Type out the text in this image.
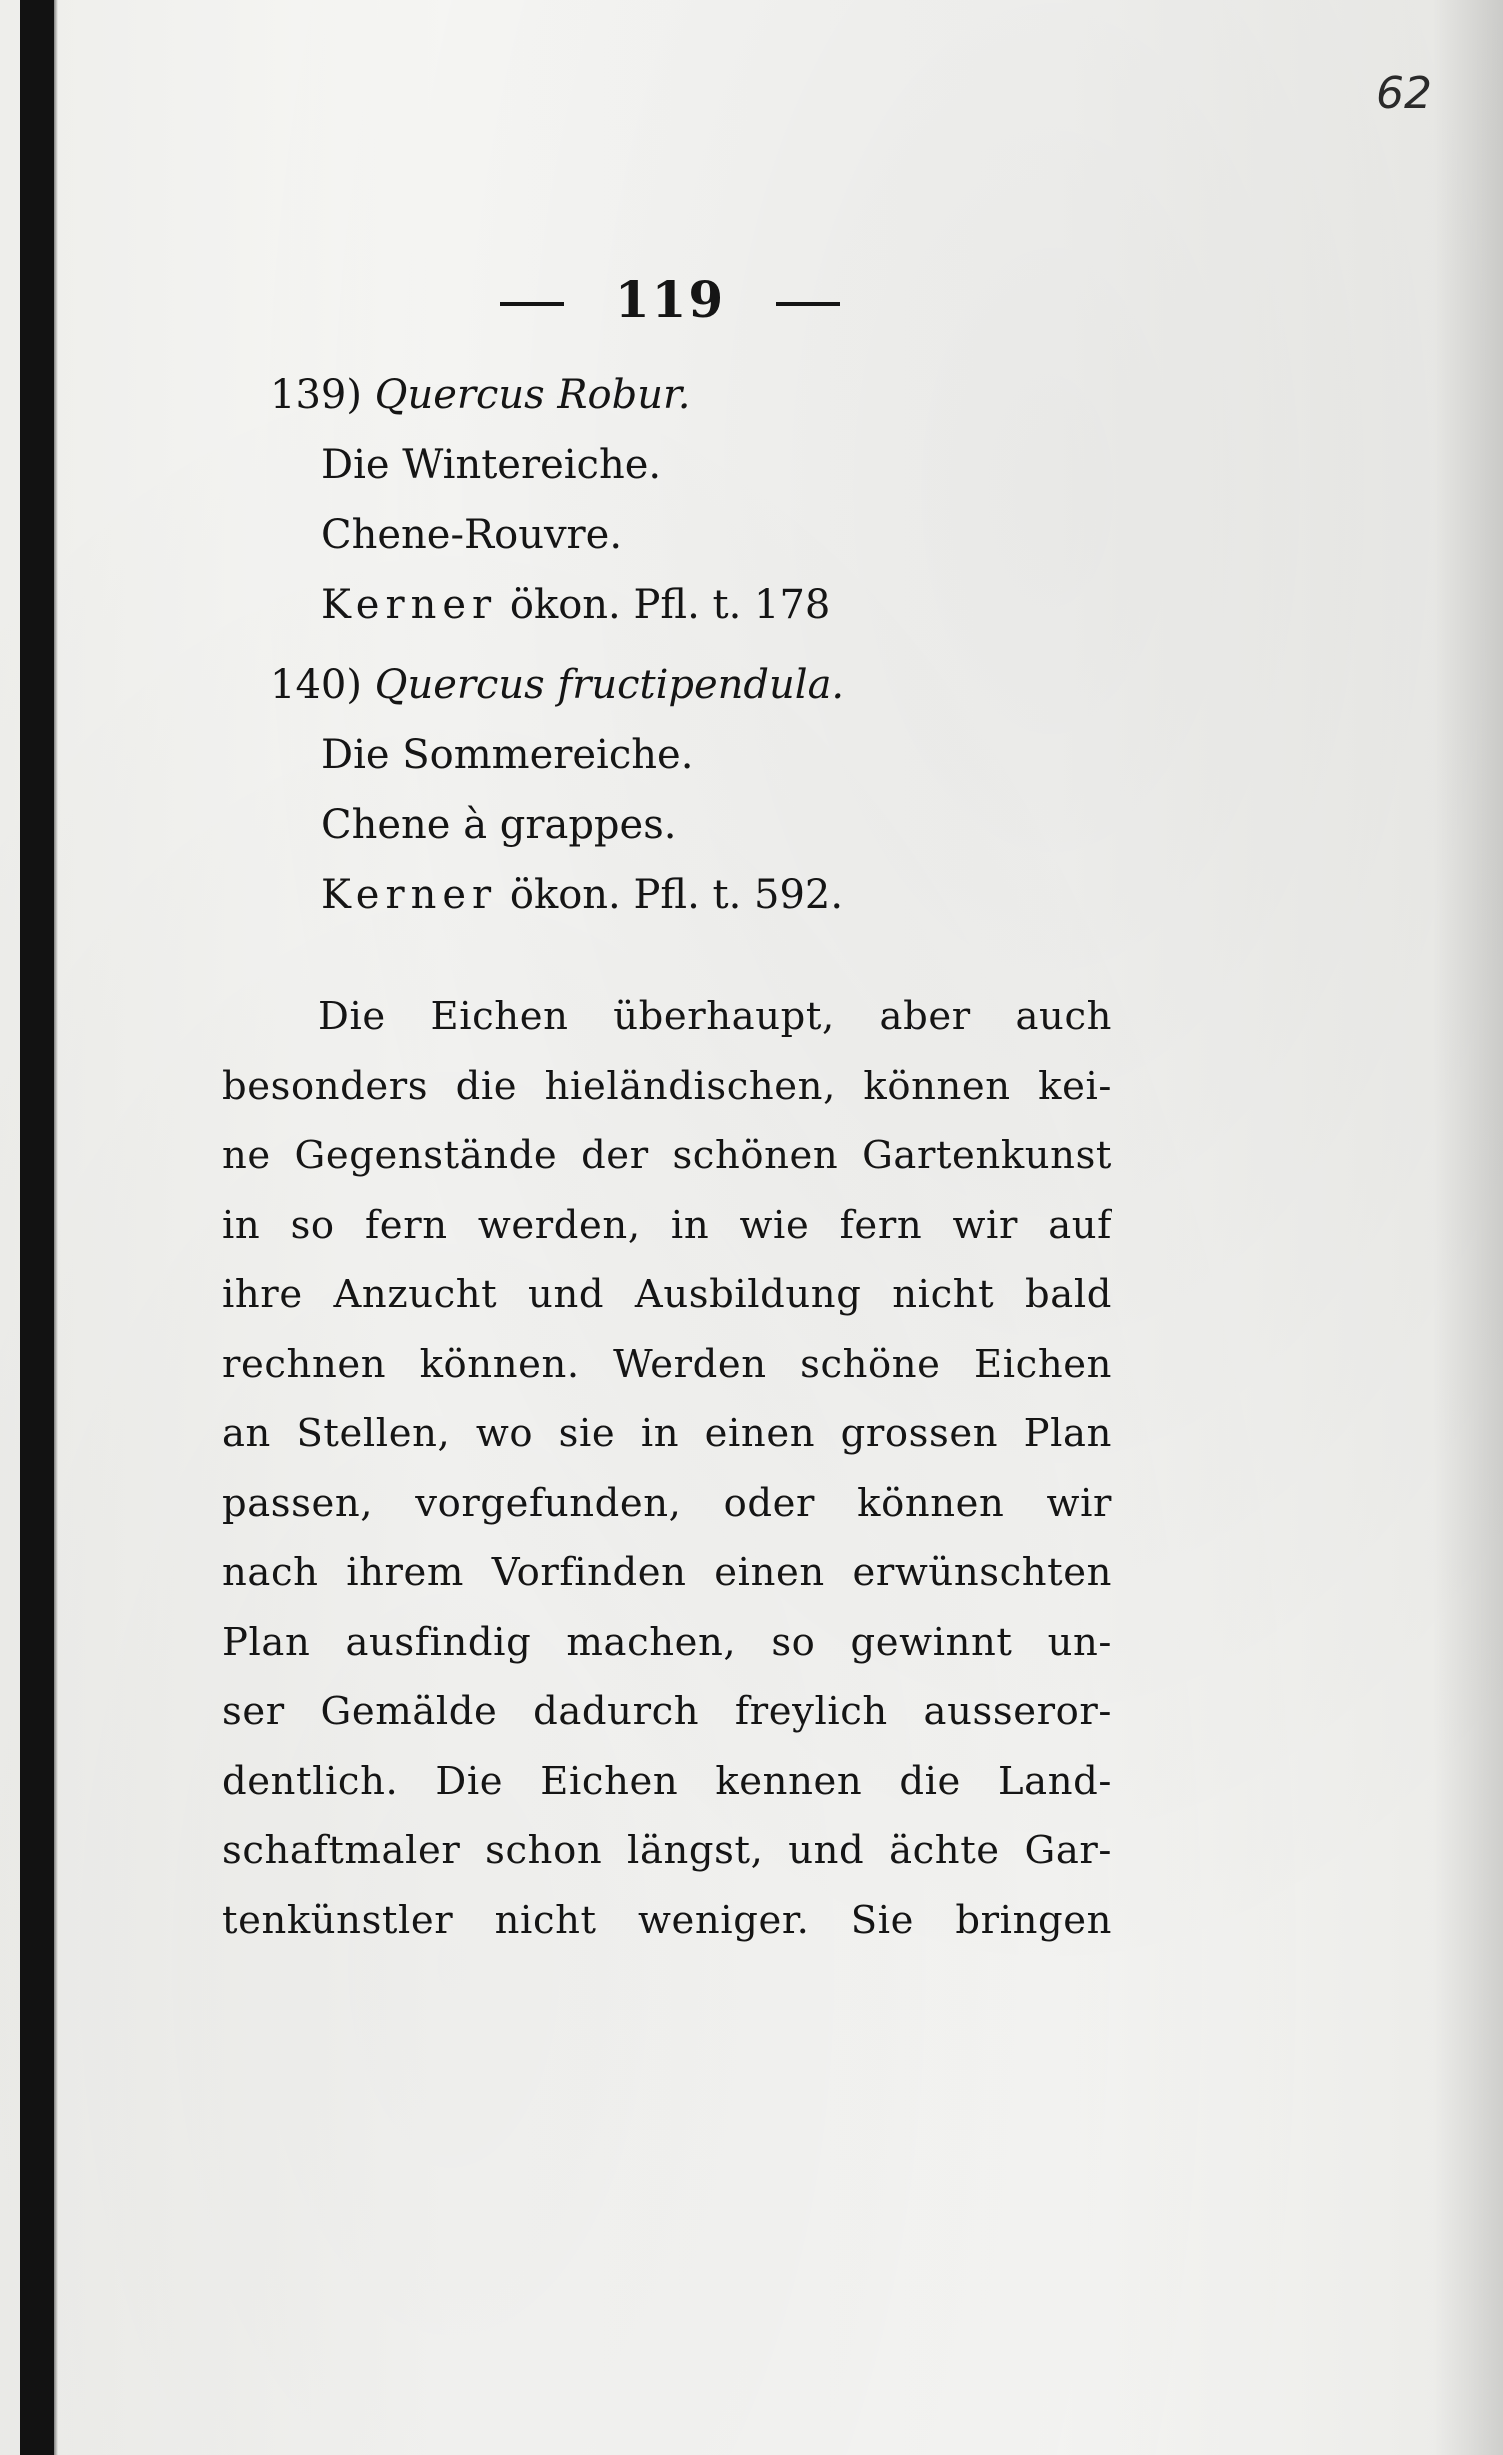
62
119
139) Quercus Robur.
Die Wintereiche.
Chene-Rouvre.
Kerner ökon. Pfl. t. 178
140) Quercus fructipendula.
Die Sommereiche.
Chene à grappes.
Kerner ökon. Pfl. t. 592.
Die Eichen überhaupt, aber auch
besonders die hieländischen, können kei-
ne Gegenstände der schönen Gartenkunst
in so fern werden, in wie fern wir auf
ihre Anzucht und Ausbildung nicht bald
rechnen können. Werden schöne Eichen
an Stellen, wo sie in einen grossen Plan
passen, vorgefunden, oder können wir
nach ihrem Vorfinden einen erwünschten
Plan ausfindig machen, so gewinnt un-
ser Gemälde dadurch freylich ausseror-
dentlich. Die Eichen kennen die Land-
schaftmaler schon längst, und ächte Gar-
tenkünstler nicht weniger. Sie bringen
